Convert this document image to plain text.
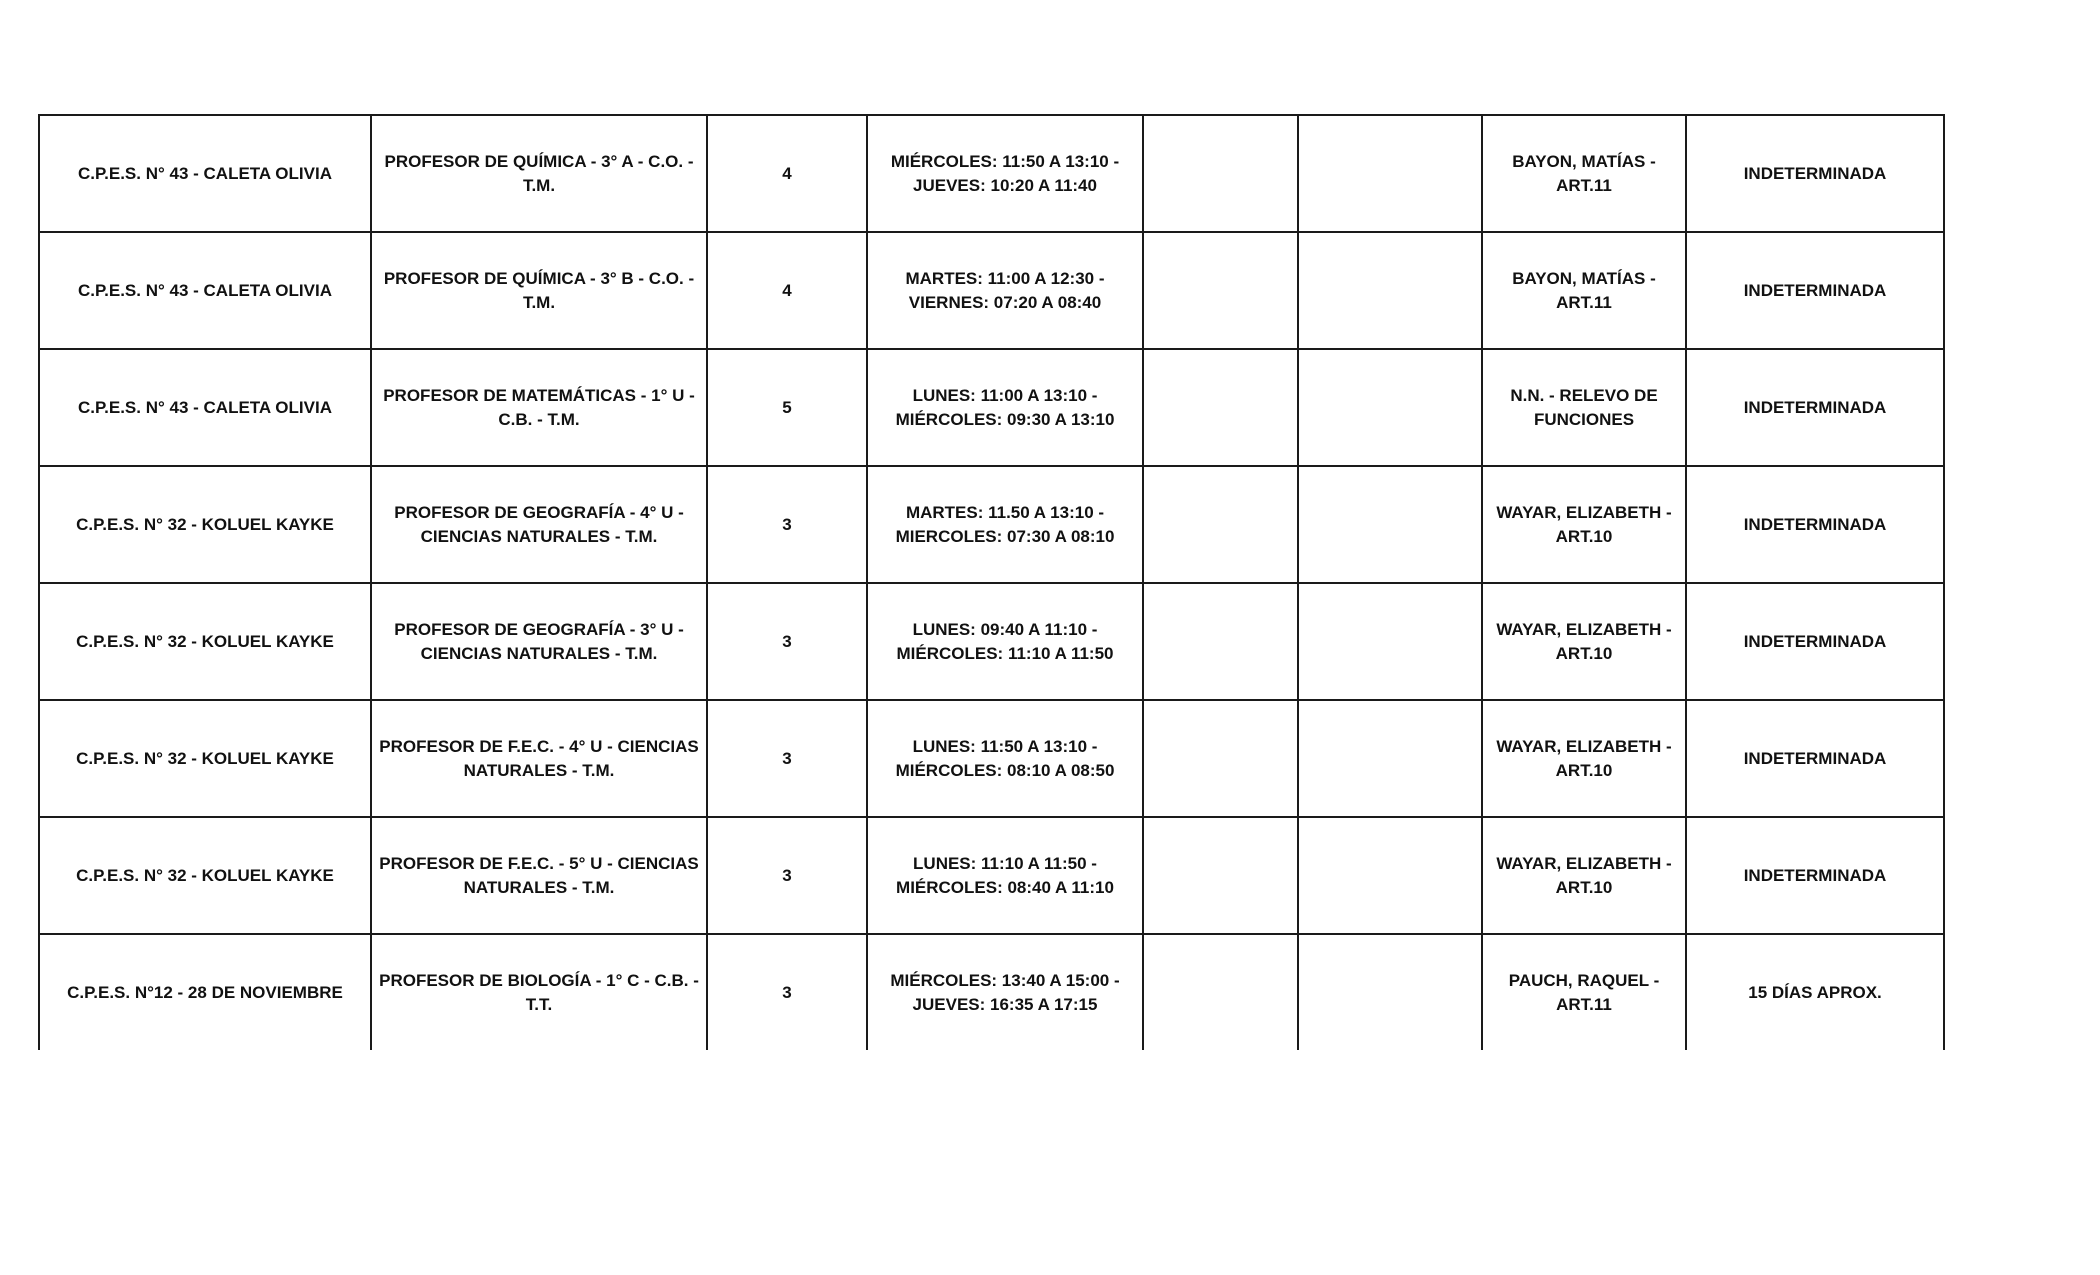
C.P.E.S. N° 43 - CALETA OLIVIA	PROFESOR DE QUÍMICA - 3° A - C.O. - T.M.	4	MIÉRCOLES: 11:50 A 13:10 - JUEVES: 10:20 A 11:40			BAYON, MATÍAS - ART.11	INDETERMINADA
C.P.E.S. N° 43 - CALETA OLIVIA	PROFESOR DE QUÍMICA - 3° B - C.O. - T.M.	4	MARTES: 11:00 A 12:30 - VIERNES: 07:20 A 08:40			BAYON, MATÍAS - ART.11	INDETERMINADA
C.P.E.S. N° 43 - CALETA OLIVIA	PROFESOR DE MATEMÁTICAS - 1° U - C.B. - T.M.	5	LUNES: 11:00 A 13:10 - MIÉRCOLES: 09:30 A 13:10			N.N. - RELEVO DE FUNCIONES	INDETERMINADA
C.P.E.S. N° 32 - KOLUEL KAYKE	PROFESOR DE GEOGRAFÍA - 4° U - CIENCIAS NATURALES - T.M.	3	MARTES: 11.50 A 13:10 - MIERCOLES: 07:30 A 08:10			WAYAR, ELIZABETH - ART.10	INDETERMINADA
C.P.E.S. N° 32 - KOLUEL KAYKE	PROFESOR DE GEOGRAFÍA - 3° U - CIENCIAS NATURALES - T.M.	3	LUNES: 09:40 A 11:10 - MIÉRCOLES: 11:10 A 11:50			WAYAR, ELIZABETH - ART.10	INDETERMINADA
C.P.E.S. N° 32 - KOLUEL KAYKE	PROFESOR DE F.E.C. - 4° U - CIENCIAS NATURALES - T.M.	3	LUNES: 11:50 A 13:10 - MIÉRCOLES: 08:10 A 08:50			WAYAR, ELIZABETH - ART.10	INDETERMINADA
C.P.E.S. N° 32 - KOLUEL KAYKE	PROFESOR DE F.E.C. - 5° U - CIENCIAS NATURALES - T.M.	3	LUNES: 11:10 A 11:50 - MIÉRCOLES: 08:40 A 11:10			WAYAR, ELIZABETH - ART.10	INDETERMINADA
C.P.E.S. N°12 - 28 DE NOVIEMBRE	PROFESOR DE BIOLOGÍA - 1° C - C.B. - T.T.	3	MIÉRCOLES: 13:40 A 15:00 - JUEVES: 16:35 A 17:15			PAUCH, RAQUEL - ART.11	15 DÍAS APROX.
